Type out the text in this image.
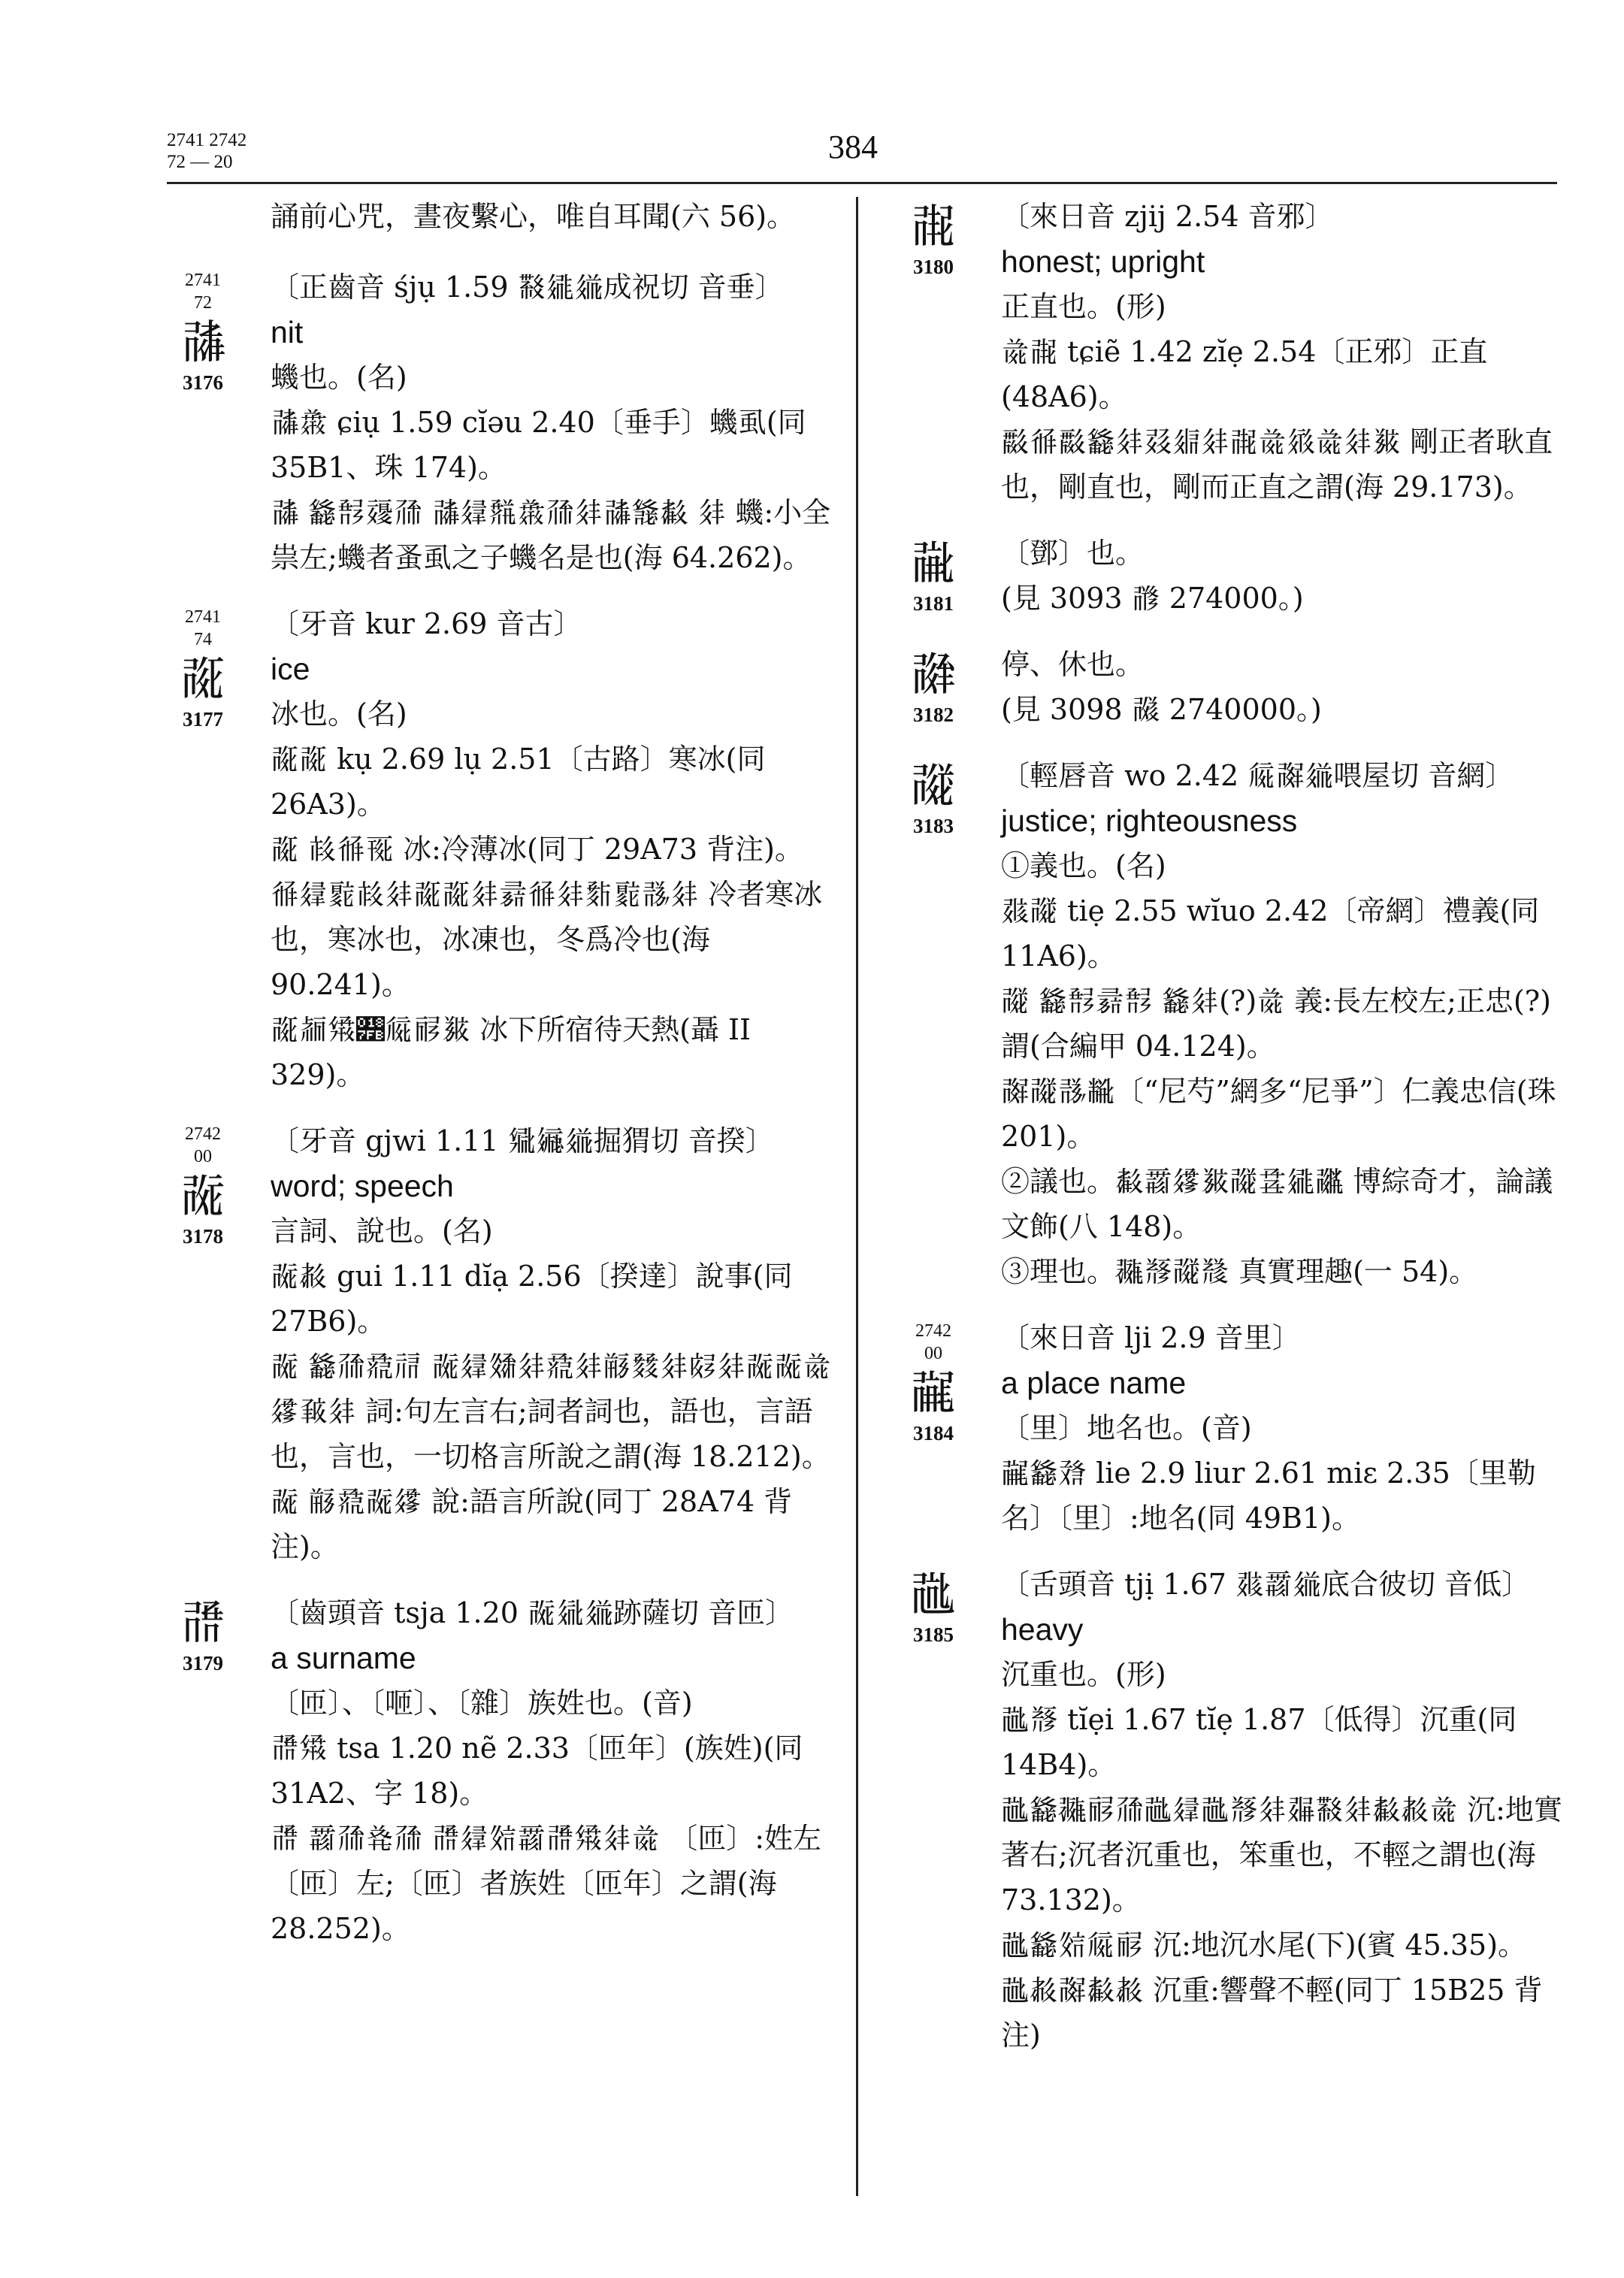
2741 2742
72 — 20	384

誦前心咒，晝夜繫心，唯自耳聞(六 56)。

2741
72
𗰜
3176

〔正齒音 śjụ 1.59 𘜶𗧓𗥤成祝切 音垂〕

nit

蟣也。(名)

𗰜𘟪 ɕiụ 1.59 cĭəu 2.40〔垂手〕蟣虱(同 35B1、珠 174)。

𗰜 𗴮𘘚𗶓𗗙 𗰜𗧎𘜘𘟪𗗙𗢳𗰜𗴭𘓁 𗢳 蟣:小全祟左;蟣者蚤虱之子蟣名是也(海 64.262)。

2741
74
𗰞
3177

〔牙音 kur 2.69 音古〕

ice

冰也。(名)

𗰞𗰞 kụ 2.69 lụ 2.51〔古路〕寒冰(同 26A3)。

𗰞 𘊳𗢒𗀔 冰:冷薄冰(同丁 29A73 背注)。

𗢒𗧎𘝁𘊳𗢳𗰞𗰞𗢳𘝵𗢒𗢳𘘦𘝁𘃽𗢳 冷者寒冰也，寒冰也，冰凍也，冬爲冷也(海 90.241)。

𗰞𘉄𗋽𘟻𗏁𗟲𗯴 冰下所宿待天熱(聶 II 329)。

2742
00
𗰟
3178

〔牙音 gjwi 1.11 𗋐𗩾𗥤掘猬切 音揆〕

word; speech

言詞、說也。(名)

𗰟𗳒 gui 1.11 dĭạ 2.56〔揆達〕說事(同 27B6)。

𗰟 𗴮𗗙𘟣𗘺 𗰟𗧎𗽀𗢳𘟣𗢳𘛐𘙌𗢳𘊴𗢳𗰟𗰟𗯨𗧘𘆄𗢳 詞:句左言右;詞者詞也，語也，言語也，言也，一切格言所說之謂(海 18.212)。

𗰟 𘛐𘟣𗰟𗧘 說:語言所說(同丁 28A74 背注)。

𗰠
3179

〔齒頭音 tsja 1.20 𗰟𗣼𗥤跡薩切 音匝〕

a surname

〔匝〕、〔咂〕、〔雜〕族姓也。(音)

𗰠𗋽 tsa 1.20 nẽ 2.33〔匝年〕(族姓)(同 31A2、字 18)。

𗰠 𗵆𗗙𘑗𗗙 𗰠𗧎𗼻𗵆𗰠𗋽𗢳𗯨 〔匝〕:姓左〔匝〕左;〔匝〕者族姓〔匝年〕之謂(海 28.252)。

𗰡
3180

〔來日音 zjij 2.54 音邪〕

honest; upright

正直也。(形)

𗯨𗰡 tɕiẽ 1.42 zĭẹ 2.54〔正邪〕正直(48A6)。

𘟂𗢒𘟂𗴮𗢳𘄴𗤋𗢳𗰡𗯨𗤻𗯨𗢳𗯴 剛正者耿直也，剛直也，剛而正直之謂(海 29.173)。

𗰢
3181

〔鄧〕也。

(見 3093 𗰣 274000。)

𗰤
3182

停、休也。

(見 3098 𗰥 2740000。)

𗰦
3183

〔輕唇音 wo 2.42 𗏁𗰧𗥤喂屋切 音網〕

justice; righteousness

①義也。(名)

𘅍𗰦 tiẹ 2.55 wĭuo 2.42〔帝網〕禮義(同 11A6)。

𗰦 𗴮𘘚𘝵𘘚 𗴮𗢳(?)𗯨 義:長左校左;正忠(?)謂(合編甲 04.124)。

𗰧𗰦𘃽𘋢〔“尼芍”網多“尼爭”〕仁義忠信(珠 201)。

②議也。𘓁𗵆𗧘𗯴𗰦𘞌𗧓𗰨 博綜奇才，論議文飾(八 148)。

③理也。𗖵𘃡𗰦𘃪 真實理趣(一 54)。

2742
00
𗰩
3184

〔來日音 lji 2.9 音里〕

a place name

〔里〕地名也。(音)

𗰩𗴮𗰫 lie 2.9 liur 2.61 miɛ 2.35〔里勒名〕〔里〕:地名(同 49B1)。

𗰪
3185

〔舌頭音 tjị 1.67 𘅍𗵆𗥤底合彼切 音低〕

heavy

沉重也。(形)

𗰪𘃡 tĭẹi 1.67 tĭẹ 1.87〔低得〕沉重(同 14B4)。

𗰪𗴮𗖵𗟲𗗙𗰪𗧎𗰪𘃡𗢳𘅎𘜶𗢳𘓁𗳒𗯨 沉:地實著右;沉者沉重也，笨重也，不輕之謂也(海 73.132)。

𗰪𗴮𗼻𗏁𗟲 沉:地沉水尾(下)(賓 45.35)。

𗰪𗳒𗰧𘓁𗳒 沉重:響聲不輕(同丁 15B25 背注)
